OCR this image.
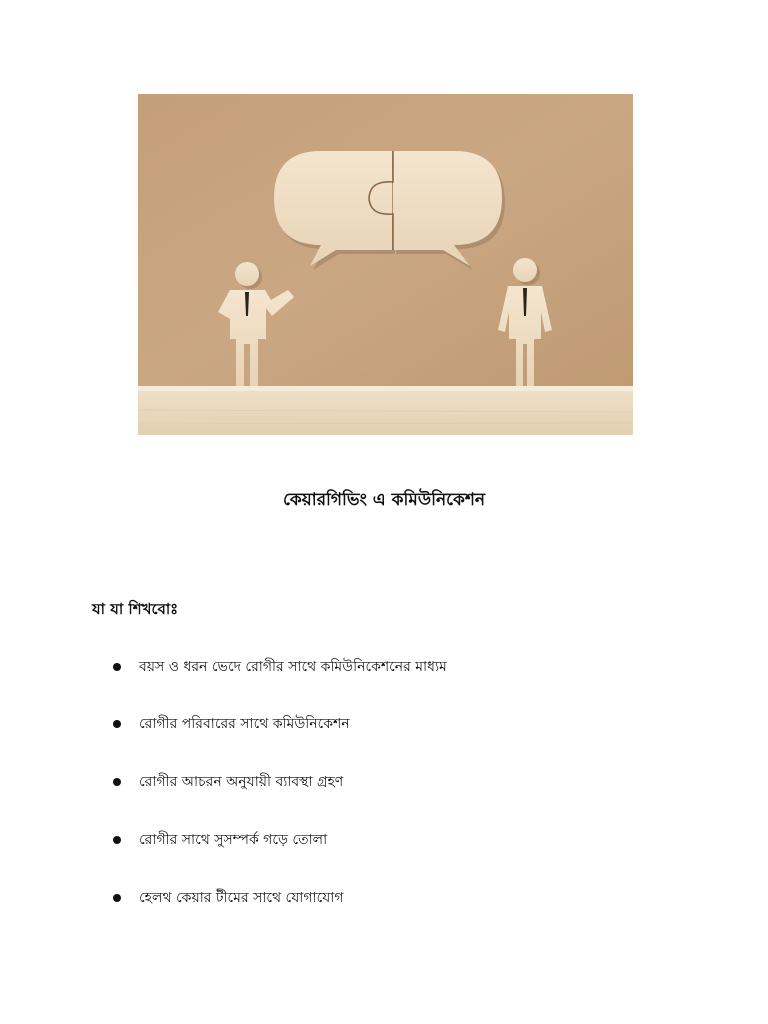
কেয়ারগিভিং এ কমিউনিকেশন
যা যা শিখবোঃ
বয়স ও ধরন ভেদে রোগীর সাথে কমিউনিকেশনের মাধ্যম
রোগীর পরিবারের সাথে কমিউনিকেশন
রোগীর আচরন অনুযায়ী ব্যাবস্থা গ্রহণ
রোগীর সাথে সুসম্পর্ক গড়ে তোলা
হেলথ কেয়ার টীমের সাথে যোগাযোগ
